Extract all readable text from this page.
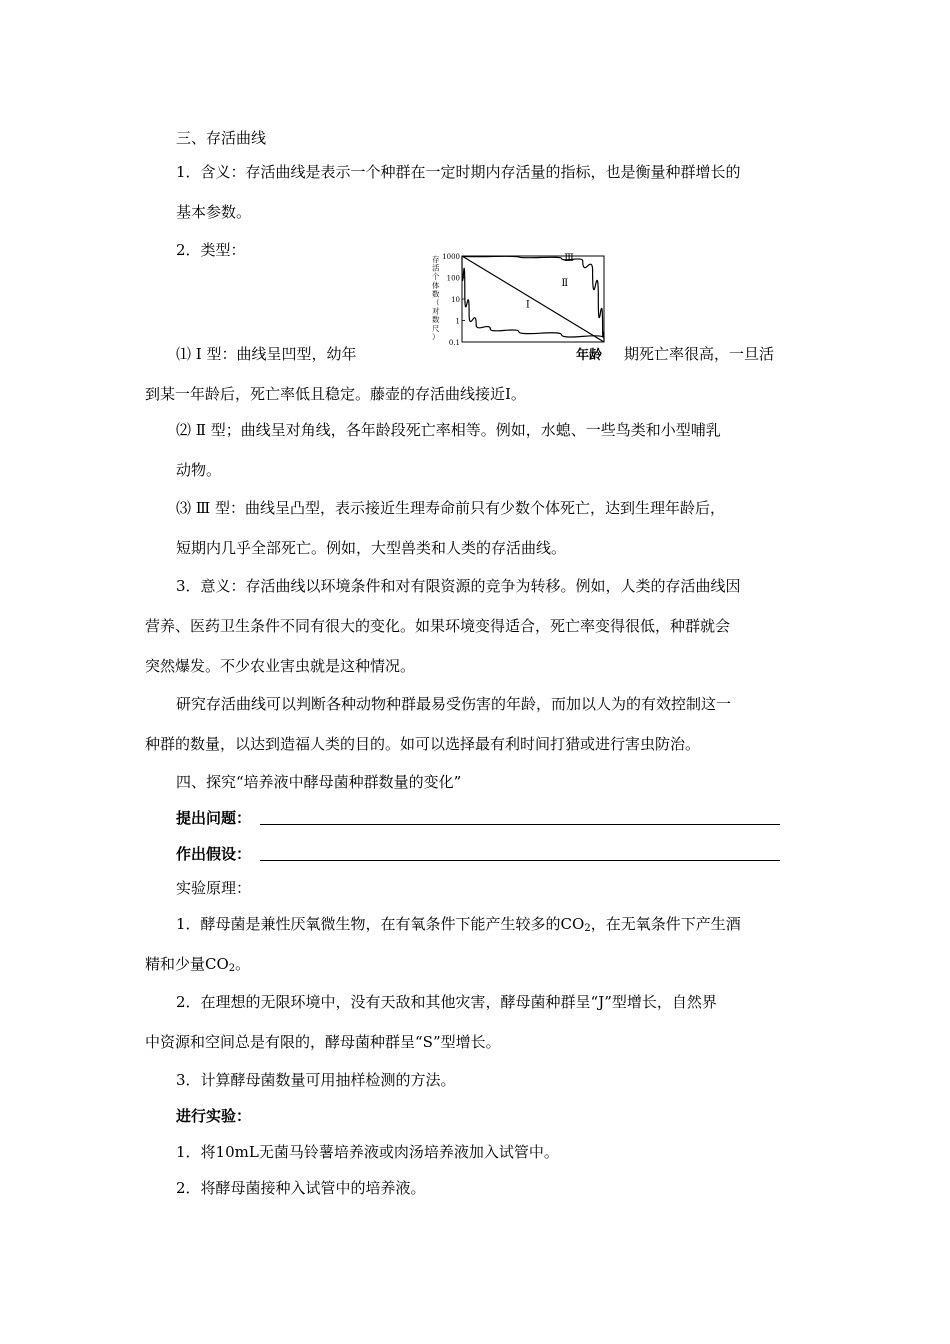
三、存活曲线
1．含义：存活曲线是表示一个种群在一定时期内存活量的指标，也是衡量种群增长的
基本参数。
2．类型：
存
活
个
体
数
（
对
数
尺
）
1000
100
10
1
0.1
Ⅰ
Ⅱ
Ⅲ
年龄
⑴ Ⅰ 型：曲线呈凹型，幼年	期死亡率很高，一旦活
到某一年龄后，死亡率低且稳定。藤壶的存活曲线接近Ⅰ。
⑵ Ⅱ 型；曲线呈对角线，各年龄段死亡率相等。例如，水螅、一些鸟类和小型哺乳
动物。
⑶ Ⅲ 型：曲线呈凸型，表示接近生理寿命前只有少数个体死亡，达到生理年龄后，
短期内几乎全部死亡。例如，大型兽类和人类的存活曲线。
3．意义：存活曲线以环境条件和对有限资源的竞争为转移。例如，人类的存活曲线因
营养、医药卫生条件不同有很大的变化。如果环境变得适合，死亡率变得很低，种群就会
突然爆发。不少农业害虫就是这种情况。
研究存活曲线可以判断各种动物种群最易受伤害的年龄，而加以人为的有效控制这一
种群的数量，以达到造福人类的目的。如可以选择最有利时间打猎或进行害虫防治。
四、探究“培养液中酵母菌种群数量的变化”
提出问题：
作出假设：
实验原理：
1．酵母菌是兼性厌氧微生物，在有氧条件下能产生较多的$CO_2$，在无氧条件下产生酒
精和少量$CO_2$。
2．在理想的无限环境中，没有天敌和其他灾害，酵母菌种群呈“J”型增长，自然界
中资源和空间总是有限的，酵母菌种群呈“S”型增长。
3．计算酵母菌数量可用抽样检测的方法。
进行实验：
1．将10mL无菌马铃薯培养液或肉汤培养液加入试管中。
2．将酵母菌接种入试管中的培养液。
